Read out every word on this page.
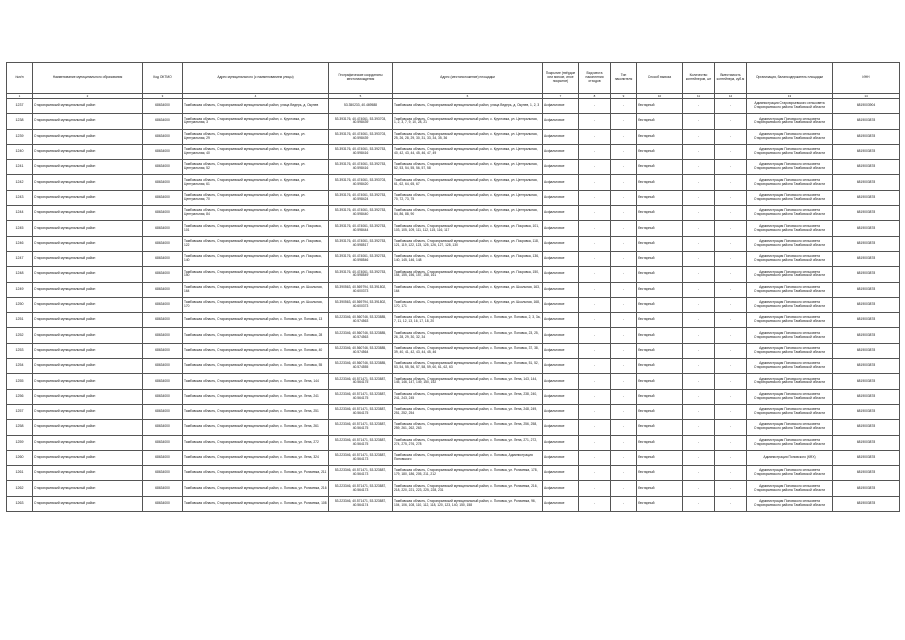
№п/п	Наименование муниципального образования	Код ОКТМО	Адрес муниципального (с наименованием улицы)	Географические координаты местонахождения	Адрес (местоположение) площадки	Покрытие (твёрдое или мягкое, иное покрытие)	Вид места накопления отходов	Тип накопителя	Способ вывоза	Количество контейнеров, шт	Вместимость контейнера, куб.м	Организация, балансодержатель площадки	ИНН
1	2	3	4	5	6	7	8	9	10	11	12	13	14
1237	Староюрьевский муниципальный район	68634000	Тамбовская область, Староюрьевский муниципальный район, улица Ведерь, д. Окунев	53.350233, 40.469588	Тамбовская область, Староюрьевский муниципальный район, улица Ведерь, д. Окунев, 1, 2, 3	Асфальтовое	-	-	бестарный	-	-	Администрация Староюрьевского сельсовета Староюрьевского района Тамбовской области	6819003904
1238	Староюрьевский муниципальный район	68634000	Тамбовская область, Староюрьевский муниципальный район, с. Кругловка, ул. Центральная, 3	53.393176, 40.474061, 53.393703, 40.598439	Тамбовская область, Староюрьевский муниципальный район, с. Кругловка, ул. Центральная, 1, 2, 3, 7, 9, 10, 28, 21	Асфальтовое	-	-	бестарный	-	-	Администрация Поповского сельсовета Староюрьевского района Тамбовской области	6819003878
1239	Староюрьевский муниципальный район	68634000	Тамбовская область, Староюрьевский муниципальный район, с. Кругловка, ул. Центральная, 29	53.393176, 40.474061, 53.393703, 40.598439	Тамбовская область, Староюрьевский муниципальный район, с. Кругловка, ул. Центральная, 25, 26, 28, 29, 30, 31, 33, 34, 35, 36	Асфальтовое	-	-	бестарный	-	-	Администрация Поповского сельсовета Староюрьевского района Тамбовской области	6819003878
1240	Староюрьевский муниципальный район	68634000	Тамбовская область, Староюрьевский муниципальный район, с. Кругловка, ул. Центральная, 40	53.393176, 40.474061, 53.392753, 40.598416	Тамбовская область, Староюрьевский муниципальный район, с. Кругловка, ул. Центральная, 40, 42, 43, 44, 45, 46, 47, 49	Асфальтовое	-	-	бестарный	-	-	Администрация Поповского сельсовета Староюрьевского района Тамбовской области	6819003878
1241	Староюрьевский муниципальный район	68634000	Тамбовская область, Староюрьевский муниципальный район, с. Кругловка, ул. Центральная, 52	53.393176, 40.474061, 53.392753, 40.598416	Тамбовская область, Староюрьевский муниципальный район, с. Кругловка, ул. Центральная, 52, 53, 54, 55, 56, 57, 58	Асфальтовое	-	-	бестарный	-	-	Администрация Поповского сельсовета Староюрьевского района Тамбовской области	6819003878
1242	Староюрьевский муниципальный район	68634000	Тамбовская область, Староюрьевский муниципальный район, с. Кругловка, ул. Центральная, 61	53.393176, 40.474061, 53.393703, 40.598420	Тамбовская область, Староюрьевский муниципальный район, с. Кругловка, ул. Центральная, 61, 62, 64, 65, 67	Асфальтовое	-	-	бестарный	-	-	Администрация Поповского сельсовета Староюрьевского района Тамбовской области	6819003878
1243	Староюрьевский муниципальный район	68634000	Тамбовская область, Староюрьевский муниципальный район, с. Кругловка, ул. Центральная, 70	53.393176, 40.474061, 53.392753, 40.598424	Тамбовская область, Староюрьевский муниципальный район, с. Кругловка, ул. Центральная, 70, 72, 73, 75	Асфальтовое	-	-	бестарный	-	-	Администрация Поповского сельсовета Староюрьевского района Тамбовской области	6819003878
1244	Староюрьевский муниципальный район	68634000	Тамбовская область, Староюрьевский муниципальный район, с. Кругловка, ул. Центральная, 84	53.393176, 40.474061, 53.392753, 40.598440	Тамбовская область, Староюрьевский муниципальный район, с. Кругловка, ул. Центральная, 84, 86, 88, 90	Асфальтовое	-	-	бестарный	-	-	Администрация Поповского сельсовета Староюрьевского района Тамбовской области	6819003878
1245	Староюрьевский муниципальный район	68634000	Тамбовская область, Староюрьевский муниципальный район, с. Кругловка, ул. Покровка, 101	53.393176, 40.474061, 53.392753, 40.598444	Тамбовская область, Староюрьевский муниципальный район, с. Кругловка, ул. Покровка, 101, 103, 105, 109, 111, 112, 115, 116, 117	Асфальтовое	-	-	бестарный	-	-	Администрация Поповского сельсовета Староюрьевского района Тамбовской области	6819003878
1246	Староюрьевский муниципальный район	68634000	Тамбовская область, Староюрьевский муниципальный район, с. Кругловка, ул. Покровка, 122	53.393176, 40.474061, 53.392753, 40.598517	Тамбовская область, Староюрьевский муниципальный район, с. Кругловка, ул. Покровка, 118, 121, 119, 122, 123, 125, 126, 127, 128, 130	Асфальтовое	-	-	бестарный	-	-	Администрация Поповского сельсовета Староюрьевского района Тамбовской области	6819003878
1247	Староюрьевский муниципальный район	68634000	Тамбовская область, Староюрьевский муниципальный район, с. Кругловка, ул. Покровка, 140	53.393176, 40.474061, 53.392753, 40.598546	Тамбовская область, Староюрьевский муниципальный район, с. Кругловка, ул. Покровка, 136, 140, 145, 146, 148	Асфальтовое	-	-	бестарный	-	-	Администрация Поповского сельсовета Староюрьевского района Тамбовской области	6819003878
1248	Староюрьевский муниципальный район	68634000	Тамбовская область, Староюрьевский муниципальный район, с. Кругловка, ул. Покровка, 150	53.393176, 40.474061, 53.392753, 40.598549	Тамбовская область, Староюрьевский муниципальный район, с. Кругловка, ул. Покровка, 150, 154, 155, 156, 157, 158, 161	Асфальтовое	-	-	бестарный	-	-	Администрация Поповского сельсовета Староюрьевского района Тамбовской области	6819003878
1249	Староюрьевский муниципальный район	68634000	Тамбовская область, Староюрьевский муниципальный район, с. Кругловка, ул. Школьная, 164	53.390563, 40.569794, 53.391802, 40.600373	Тамбовская область, Староюрьевский муниципальный район, с. Кругловка, ул. Школьная, 163, 164	Асфальтовое	-	-	бестарный	-	-	Администрация Поповского сельсовета Староюрьевского района Тамбовской области	6819003878
1250	Староюрьевский муниципальный район	68634000	Тамбовская область, Староюрьевский муниципальный район, с. Кругловка, ул. Школьная, 170	53.390563, 40.569794, 53.391802, 40.600373	Тамбовская область, Староюрьевский муниципальный район, с. Кругловка, ул. Школьная, 168, 170, 171	Асфальтовое	-	-	бестарный	-	-	Администрация Поповского сельсовета Староюрьевского района Тамбовской области	6819003878
1251	Староюрьевский муниципальный район	68634000	Тамбовская область, Староюрьевский муниципальный район, с. Поповка, ул. Поповка, 13	53.223346, 40.560746, 53.323885, 40.574563	Тамбовская область, Староюрьевский муниципальный район, с. Поповка, ул. Поповка, 2, 3, 3а, 7, 11, 12, 13, 16, 17, 18, 20	Асфальтовое	-	-	бестарный	-	-	Администрация Поповского сельсовета Староюрьевского района Тамбовской области	6819003878
1252	Староюрьевский муниципальный район	68634000	Тамбовская область, Староюрьевский муниципальный район, с. Поповка, ул. Поповка, 28	53.223346, 40.560746, 53.323885, 40.574563	Тамбовская область, Староюрьевский муниципальный район, с. Поповка, ул. Поповка, 23, 25, 26, 28, 29, 30, 32, 34	Асфальтовое	-	-	бестарный	-	-	Администрация Поповского сельсовета Староюрьевского района Тамбовской области	6819003878
1253	Староюрьевский муниципальный район	68634000	Тамбовская область, Староюрьевский муниципальный район, с. Поповка, ул. Поповка, 40	53.223346, 40.560746, 53.323885, 40.574564	Тамбовская область, Староюрьевский муниципальный район, с. Поповка, ул. Поповка, 37, 38, 39, 40, 41, 42, 43, 44, 45, 46	Асфальтовое	-	-	бестарный	-	-	Администрация Поповского сельсовета Староюрьевского района Тамбовской области	6819003878
1254	Староюрьевский муниципальный район	68634000	Тамбовская область, Староюрьевский муниципальный район, с. Поповка, ул. Поповка, 55	53.223346, 40.560746, 53.323885, 40.574555	Тамбовская область, Староюрьевский муниципальный район, с. Поповка, ул. Поповка, 51, 52, 53, 54, 55, 56, 57, 58, 59, 60, 61, 62, 63	Асфальтовое	-	-	бестарный	-	-	Администрация Поповского сельсовета Староюрьевского района Тамбовской области	6819003878
1255	Староюрьевский муниципальный район	68634000	Тамбовская область, Староюрьевский муниципальный район, с. Поповка, ул. Лена, 144	53.223346, 40.571471, 53.323887, 40.564175	Тамбовская область, Староюрьевский муниципальный район, с. Поповка, ул. Лена, 143, 144, 145, 146, 147, 149, 150, 152	Асфальтовое	-	-	бестарный	-	-	Администрация Поповского сельсовета Староюрьевского района Тамбовской области	6819003878
1256	Староюрьевский муниципальный район	68634000	Тамбовская область, Староюрьевский муниципальный район, с. Поповка, ул. Лена, 241	53.223346, 40.571471, 53.323887, 40.564175	Тамбовская область, Староюрьевский муниципальный район, с. Поповка, ул. Лена, 238, 240, 241, 243, 245	Асфальтовое	-	-	бестарный	-	-	Администрация Поповского сельсовета Староюрьевского района Тамбовской области	6819003878
1257	Староюрьевский муниципальный район	68634000	Тамбовская область, Староюрьевский муниципальный район, с. Поповка, ул. Лена, 251	53.223346, 40.571471, 53.323887, 40.564175	Тамбовская область, Староюрьевский муниципальный район, с. Поповка, ул. Лена, 248, 249, 251, 252, 254	Асфальтовое	-	-	бестарный	-	-	Администрация Поповского сельсовета Староюрьевского района Тамбовской области	6819003878
1258	Староюрьевский муниципальный район	68634000	Тамбовская область, Староюрьевский муниципальный район, с. Поповка, ул. Лена, 261	53.223346, 40.571471, 53.323887, 40.564175	Тамбовская область, Староюрьевский муниципальный район, с. Поповка, ул. Лена, 256, 258, 259, 261, 262, 263	Асфальтовое	-	-	бестарный	-	-	Администрация Поповского сельсовета Староюрьевского района Тамбовской области	6819003878
1259	Староюрьевский муниципальный район	68634000	Тамбовская область, Староюрьевский муниципальный район, с. Поповка, ул. Лена, 272	53.223346, 40.571471, 53.323887, 40.564175	Тамбовская область, Староюрьевский муниципальный район, с. Поповка, ул. Лена, 271, 272, 274, 275, 276, 278	Асфальтовое	-	-	бестарный	-	-	Администрация Поповского сельсовета Староюрьевского района Тамбовской области	6819003878
1260	Староюрьевский муниципальный район	68634000	Тамбовская область, Староюрьевский муниципальный район, с. Поповка, ул. Лена, 324	53.223346, 40.571471, 53.323887, 40.564173	Тамбовская область, Староюрьевский муниципальный район, с. Поповка, Администрация Поповского	Асфальтовое	-	-	бестарный	-	-	Администрация Поповского (КФХ)	6819003878
1261	Староюрьевский муниципальный район	68634000	Тамбовская область, Староюрьевский муниципальный район, с. Поповка, ул. Рогачевка, 211	53.223346, 40.571471, 53.323887, 40.564173	Тамбовская область, Староюрьевский муниципальный район, с. Поповка, ул. Рогачевка, 178, 179, 180, 186, 205, 211, 212	Асфальтовое	-	-	бестарный	-	-	Администрация Поповского сельсовета Староюрьевского района Тамбовской области	6819003878
1262	Староюрьевский муниципальный район	68634000	Тамбовская область, Староюрьевский муниципальный район, с. Поповка, ул. Рогачевка, 216	53.223346, 40.571471, 53.323887, 40.564173	Тамбовская область, Староюрьевский муниципальный район, с. Поповка, ул. Рогачевка, 216, 218, 220, 221, 223, 225, 228, 231	Асфальтовое	-	-	бестарный	-	-	Администрация Поповского сельсовета Староюрьевского района Тамбовской области	6819003878
1263	Староюрьевский муниципальный район	68634000	Тамбовская область, Староюрьевский муниципальный район, с. Поповка, ул. Рогачевка, 108	53.223346, 40.571471, 53.323887, 40.564174	Тамбовская область, Староюрьевский муниципальный район, с. Поповка, ул. Рогачевка, 96, 104, 106, 108, 110, 112, 118, 120, 123, 140, 150, 158	Асфальтовое	-	-	бестарный	-	-	Администрация Поповского сельсовета Староюрьевского района Тамбовской области	6819003878
